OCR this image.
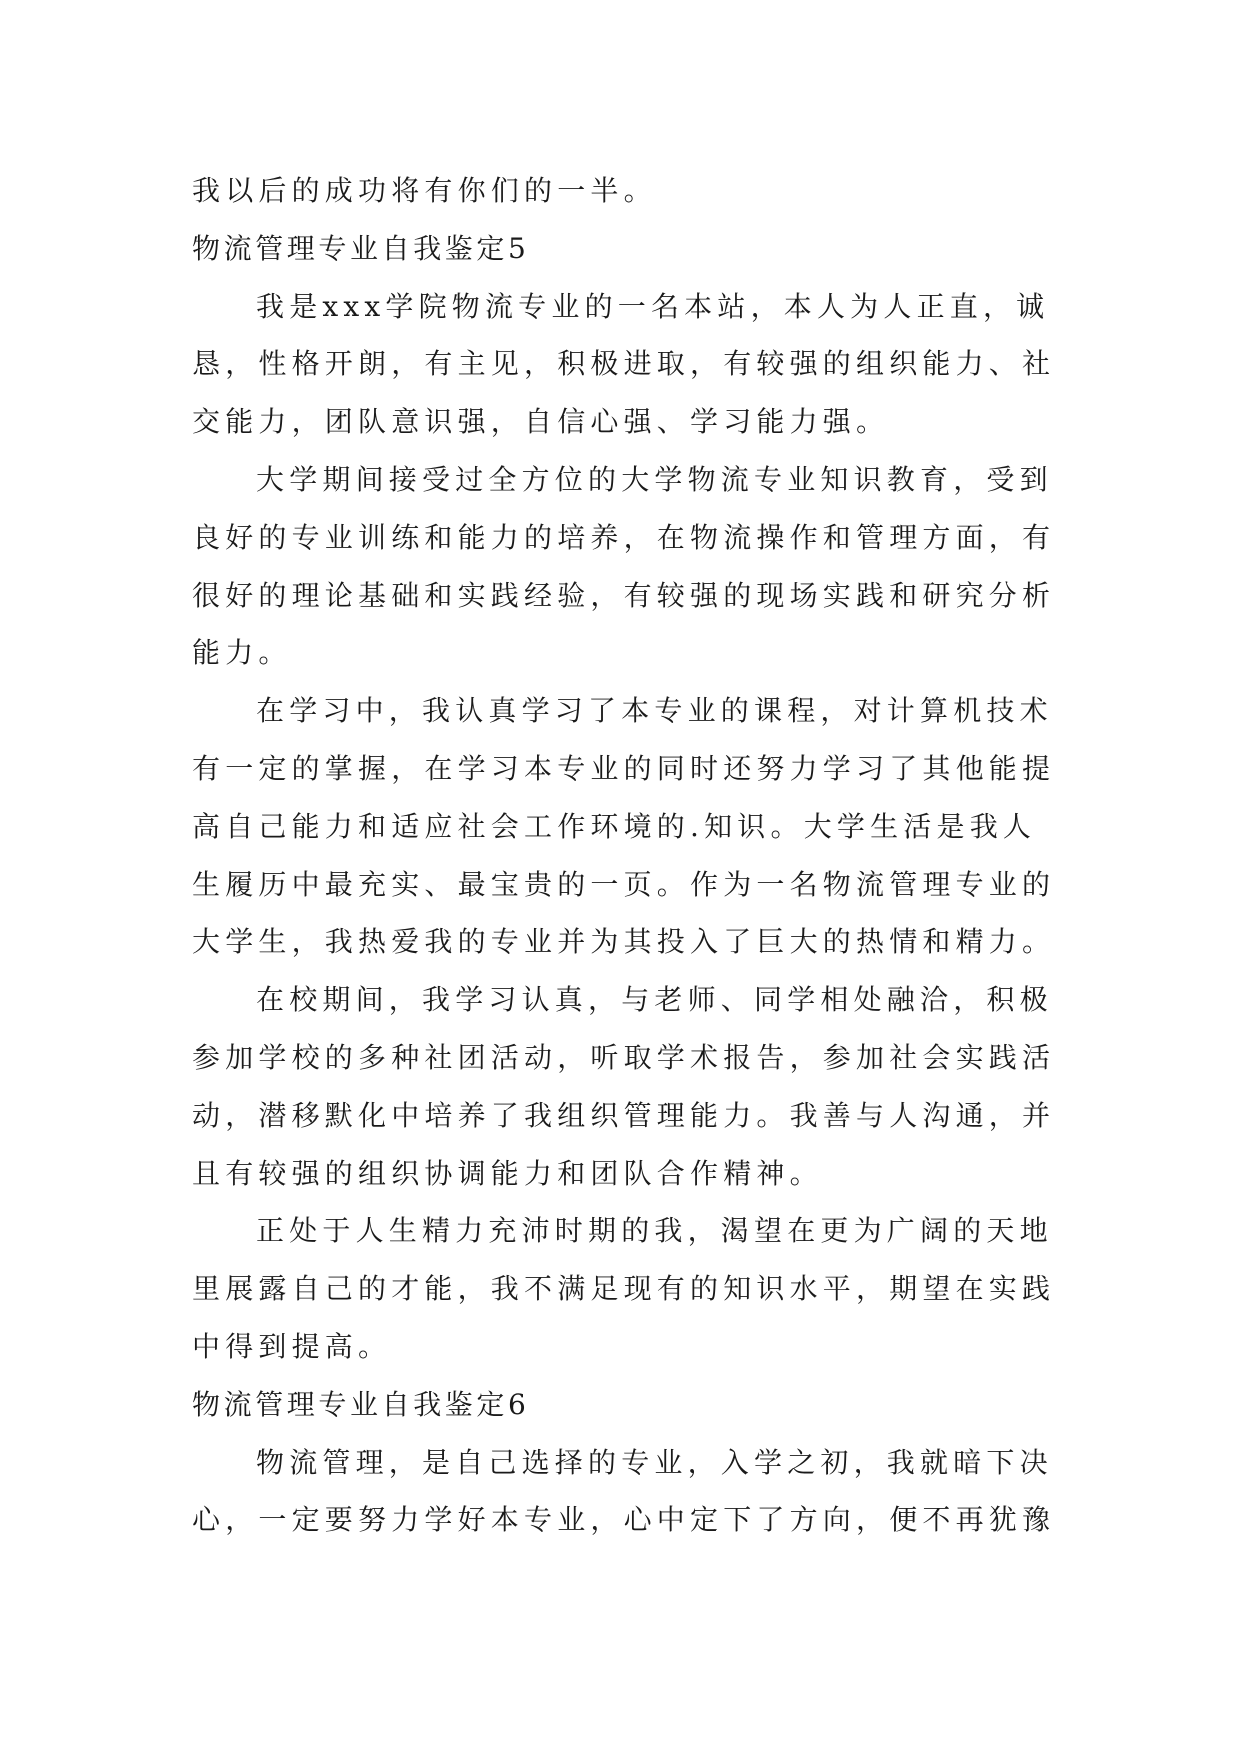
我以后的成功将有你们的一半。
物流管理专业自我鉴定5
我是xxx学院物流专业的一名本站，本人为人正直，诚
恳，性格开朗，有主见，积极进取，有较强的组织能力、社
交能力，团队意识强，自信心强、学习能力强。
大学期间接受过全方位的大学物流专业知识教育，受到
良好的专业训练和能力的培养，在物流操作和管理方面，有
很好的理论基础和实践经验，有较强的现场实践和研究分析
能力。
在学习中，我认真学习了本专业的课程，对计算机技术
有一定的掌握，在学习本专业的同时还努力学习了其他能提
高自己能力和适应社会工作环境的.知识。大学生活是我人
生履历中最充实、最宝贵的一页。作为一名物流管理专业的
大学生，我热爱我的专业并为其投入了巨大的热情和精力。
在校期间，我学习认真，与老师、同学相处融洽，积极
参加学校的多种社团活动，听取学术报告，参加社会实践活
动，潜移默化中培养了我组织管理能力。我善与人沟通，并
且有较强的组织协调能力和团队合作精神。
正处于人生精力充沛时期的我，渴望在更为广阔的天地
里展露自己的才能，我不满足现有的知识水平，期望在实践
中得到提高。
物流管理专业自我鉴定6
物流管理，是自己选择的专业，入学之初，我就暗下决
心，一定要努力学好本专业，心中定下了方向，便不再犹豫
